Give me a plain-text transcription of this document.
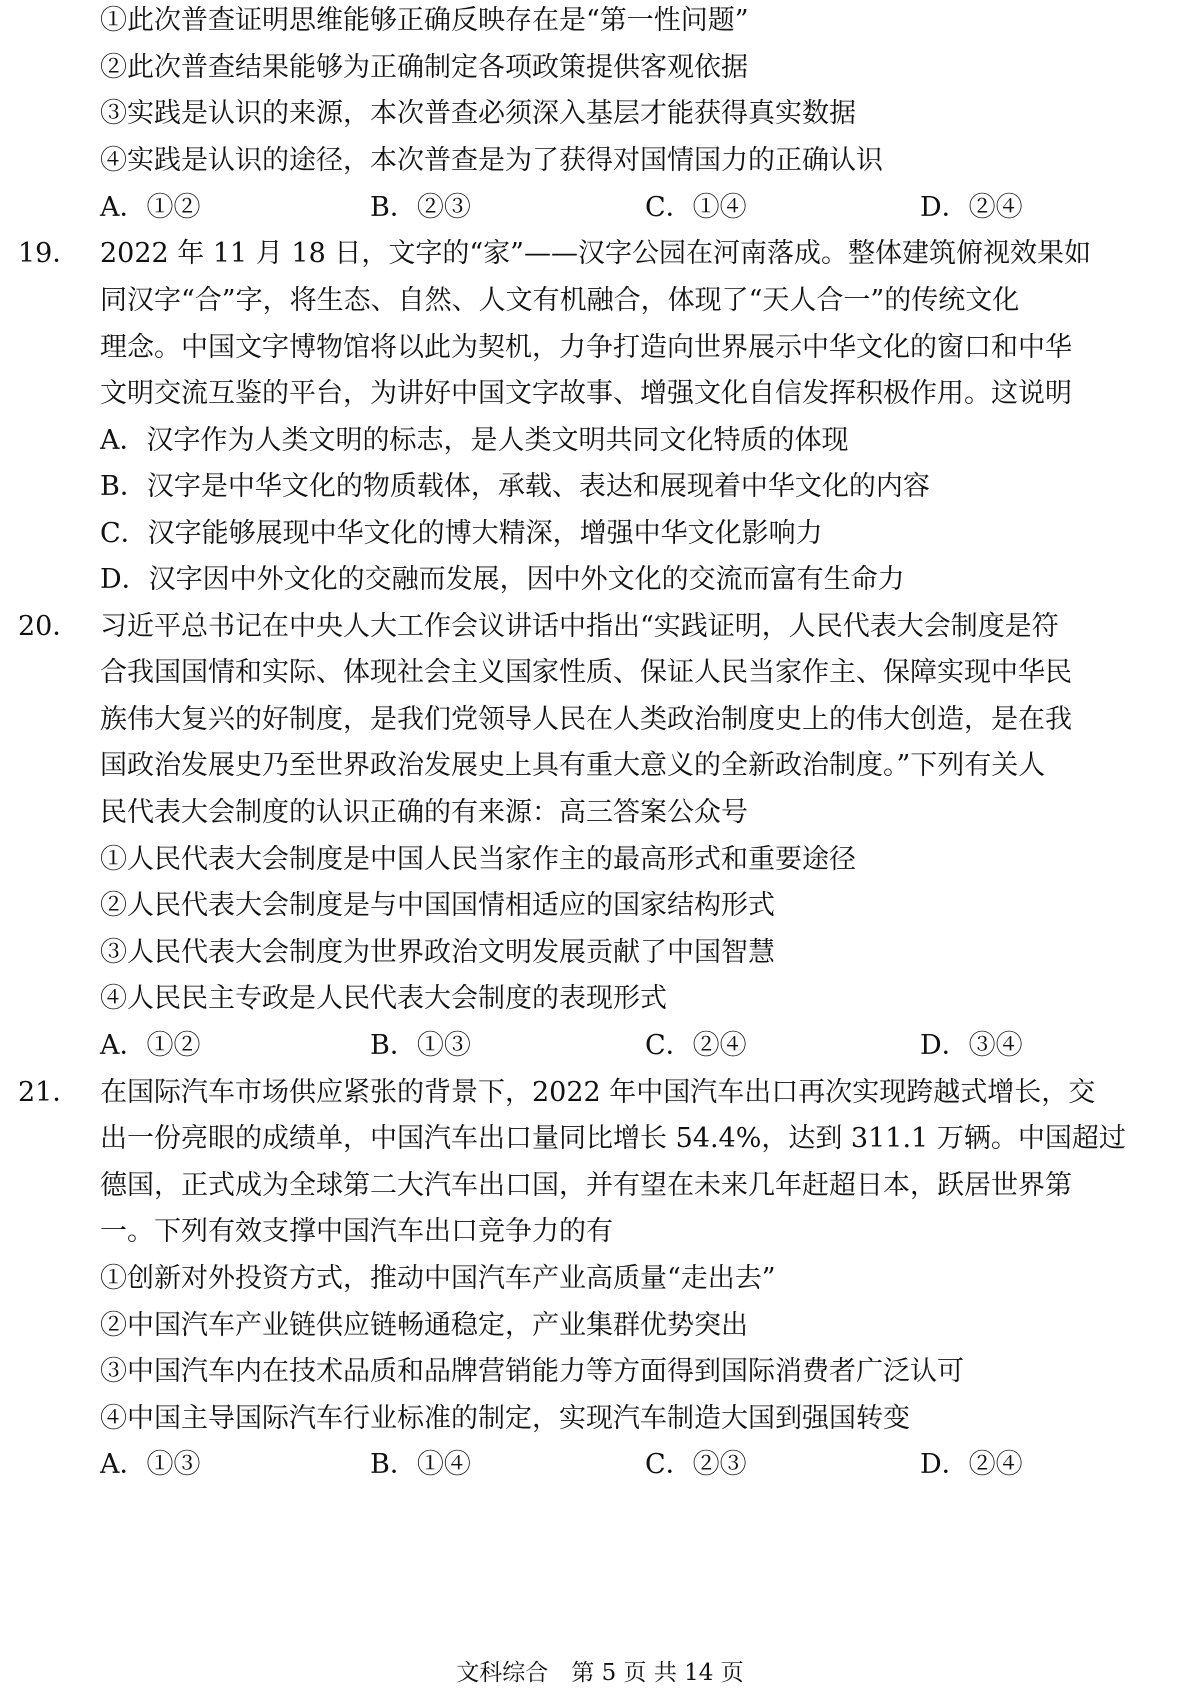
①此次普查证明思维能够正确反映存在是“第一性问题”
②此次普查结果能够为正确制定各项政策提供客观依据
③实践是认识的来源，本次普查必须深入基层才能获得真实数据
④实践是认识的途径，本次普查是为了获得对国情国力的正确认识
A．①②	B．②③	C．①④	D．②④
19． 2022 年 11 月 18 日，文字的“家”——汉字公园在河南落成。整体建筑俯视效果如
同汉字“合”字，将生态、自然、人文有机融合，体现了“天人合一”的传统文化
理念。中国文字博物馆将以此为契机，力争打造向世界展示中华文化的窗口和中华
文明交流互鉴的平台，为讲好中国文字故事、增强文化自信发挥积极作用。这说明
A．汉字作为人类文明的标志，是人类文明共同文化特质的体现
B．汉字是中华文化的物质载体，承载、表达和展现着中华文化的内容
C．汉字能够展现中华文化的博大精深，增强中华文化影响力
D．汉字因中外文化的交融而发展，因中外文化的交流而富有生命力
20． 习近平总书记在中央人大工作会议讲话中指出“实践证明，人民代表大会制度是符
合我国国情和实际、体现社会主义国家性质、保证人民当家作主、保障实现中华民
族伟大复兴的好制度，是我们党领导人民在人类政治制度史上的伟大创造，是在我
国政治发展史乃至世界政治发展史上具有重大意义的全新政治制度。”下列有关人
民代表大会制度的认识正确的有来源：高三答案公众号
①人民代表大会制度是中国人民当家作主的最高形式和重要途径
②人民代表大会制度是与中国国情相适应的国家结构形式
③人民代表大会制度为世界政治文明发展贡献了中国智慧
④人民民主专政是人民代表大会制度的表现形式
A．①②	B．①③	C．②④	D．③④
21． 在国际汽车市场供应紧张的背景下，2022 年中国汽车出口再次实现跨越式增长，交
出一份亮眼的成绩单，中国汽车出口量同比增长 54.4%，达到 311.1 万辆。中国超过
德国，正式成为全球第二大汽车出口国，并有望在未来几年赶超日本，跃居世界第
一。下列有效支撑中国汽车出口竞争力的有
①创新对外投资方式，推动中国汽车产业高质量“走出去”
②中国汽车产业链供应链畅通稳定，产业集群优势突出
③中国汽车内在技术品质和品牌营销能力等方面得到国际消费者广泛认可
④中国主导国际汽车行业标准的制定，实现汽车制造大国到强国转变
A．①③	B．①④	C．②③	D．②④
文科综合　第 5 页 共 14 页
